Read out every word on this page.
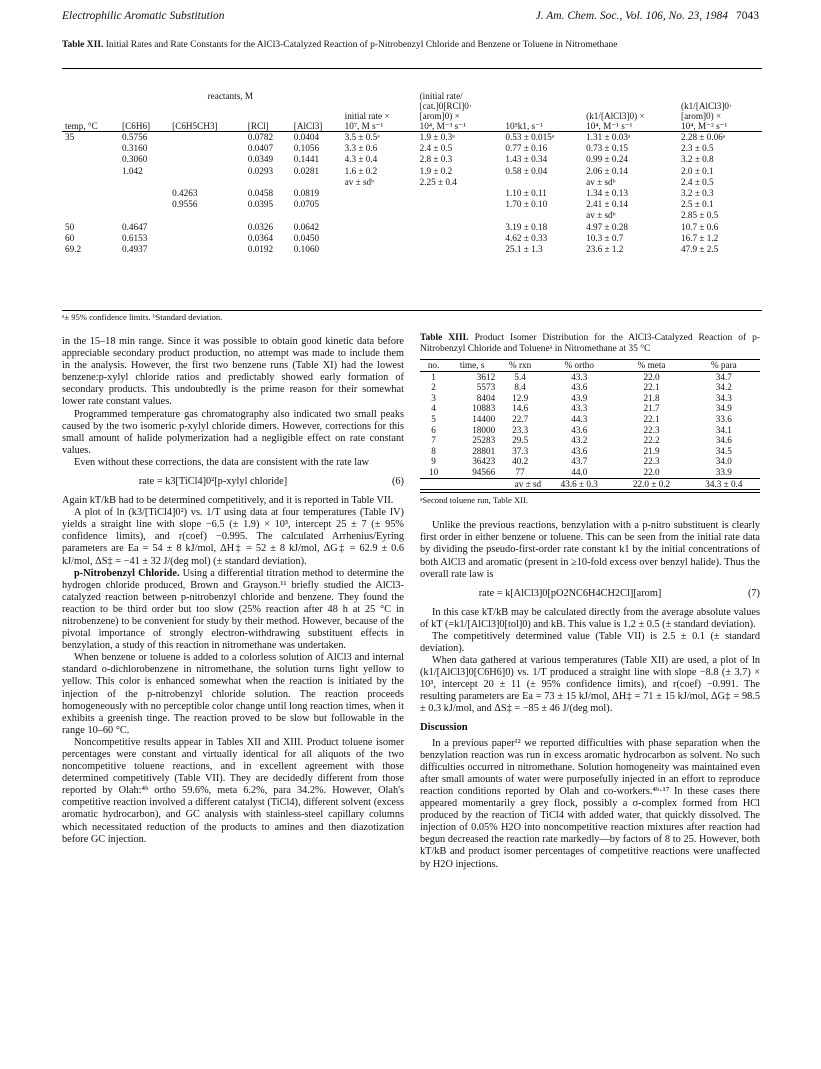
Electrophilic Aromatic Substitution	J. Am. Chem. Soc., Vol. 106, No. 23, 1984 7043
Table XII. Initial Rates and Rate Constants for the AlCl3-Catalyzed Reaction of p-Nitrobenzyl Chloride and Benzene or Toluene in Nitromethane
	reactants, M					(initial rate/			
						[cat.]0[RCl]0·			(k1/[AlCl3]0·
					initial rate ×	[arom]0) ×		(k1/[AlCl3]0) ×	[arom]0) ×
temp, °C	[C6H6]	[C6H5CH3]	[RCl]	[AlCl3]	10⁷, M s⁻¹	10⁴, M⁻³ s⁻¹	10⁵k1, s⁻¹	10⁴, M⁻¹ s⁻¹	10⁴, M⁻² s⁻¹
35	0.5756		0.0782	0.0404	3.5 ± 0.5ᵃ	1.9 ± 0.3ᵃ	0.53 ± 0.015ᵃ	1.31 ± 0.03ᵃ	2.28 ± 0.06ᵃ
	0.3160		0.0407	0.1056	3.3 ± 0.6	2.4 ± 0.5	0.77 ± 0.16	0.73 ± 0.15	2.3 ± 0.5
	0.3060		0.0349	0.1441	4.3 ± 0.4	2.8 ± 0.3	1.43 ± 0.34	0.99 ± 0.24	3.2 ± 0.8
	1.042		0.0293	0.0281	1.6 ± 0.2	1.9 ± 0.2	0.58 ± 0.04	2.06 ± 0.14	2.0 ± 0.1
					av ± sdᵇ	2.25 ± 0.4		av ± sdᵇ	2.4 ± 0.5

		0.4263	0.0458	0.0819			1.10 ± 0.11	1.34 ± 0.13	3.2 ± 0.3
		0.9556	0.0395	0.0705			1.70 ± 0.10	2.41 ± 0.14	2.5 ± 0.1
								av ± sdᵇ	2.85 ± 0.5

50	0.4647		0.0326	0.0642			3.19 ± 0.18	4.97 ± 0.28	10.7 ± 0.6
60	0.6153		0.0364	0.0450			4.62 ± 0.33	10.3 ± 0.7	16.7 ± 1.2
69.2	0.4937		0.0192	0.1060			25.1 ± 1.3	23.6 ± 1.2	47.9 ± 2.5
ᵃ± 95% confidence limits. ᵇStandard deviation.

in the 15–18 min range. Since it was possible to obtain good kinetic data before appreciable secondary product production, no attempt was made to include them in the analysis. However, the first two benzene runs (Table XI) had the lowest benzene:p-xylyl chloride ratios and predictably showed early formation of secondary products. This undoubtedly is the prime reason for their somewhat lower rate constant values.

Programmed temperature gas chromatography also indicated two small peaks caused by the two isomeric p-xylyl chloride dimers. However, corrections for this small amount of halide polymerization had a negligible effect on rate constant values.

Even without these corrections, the data are consistent with the rate law

rate = k3[TiCl4]0²[p-xylyl chloride]	(6)

Again kT/kB had to be determined competitively, and it is reported in Table VII.

A plot of ln (k3/[TiCl4]0²) vs. 1/T using data at four temperatures (Table IV) yields a straight line with slope −6.5 (± 1.9) × 10³, intercept 25 ± 7 (± 95% confidence limits), and r(coef) −0.995. The calculated Arrhenius/Eyring parameters are Ea = 54 ± 8 kJ/mol, ΔH‡ = 52 ± 8 kJ/mol, ΔG‡ = 62.9 ± 0.6 kJ/mol, ΔS‡ = −41 ± 32 J/(deg mol) (± standard deviation).

p-Nitrobenzyl Chloride. Using a differential titration method to determine the hydrogen chloride produced, Brown and Grayson.¹¹ briefly studied the AlCl3-catalyzed reaction between p-nitrobenzyl chloride and benzene. They found the reaction to be third order but too slow (25% reaction after 48 h at 25 °C in nitrobenzene) to be convenient for study by their method. However, because of the pivotal importance of strongly electron-withdrawing substituent effects in benzylation, a study of this reaction in nitromethane was undertaken.

When benzene or toluene is added to a colorless solution of AlCl3 and internal standard o-dichlorobenzene in nitromethane, the solution turns light yellow to yellow. This color is enhanced somewhat when the reaction is initiated by the injection of the p-nitrobenzyl chloride solution. The reaction proceeds homogeneously with no perceptible color change until long reaction times, when it exhibits a greenish tinge. The reaction proved to be slow but followable in the range 10–60 °C.

Noncompetitive results appear in Tables XII and XIII. Product toluene isomer percentages were constant and virtually identical for all aliquots of the two noncompetitive toluene reactions, and in excellent agreement with those determined competitively (Table VII). They are decidedly different from those reported by Olah:⁴ᵇ ortho 59.6%, meta 6.2%, para 34.2%. However, Olah's competitive reaction involved a different catalyst (TiCl4), different solvent (excess aromatic hydrocarbon), and GC analysis with stainless-steel capillary columns which necessitated reduction of the products to amines and then diazotization before GC injection.

Table XIII. Product Isomer Distribution for the AlCl3-Catalyzed Reaction of p-Nitrobenzyl Chloride and Tolueneᵃ in Nitromethane at 35 °C
no.	time, s	% rxn	% ortho	% meta	% para
1	3612	5.4	43.3	22.0	34.7
2	5573	8.4	43.6	22.1	34.2
3	8404	12.9	43.9	21.8	34.3
4	10883	14.6	43.3	21.7	34.9
5	14400	22.7	44.3	22.1	33.6
6	18000	23.3	43.6	22.3	34.1
7	25283	29.5	43.2	22.2	34.6
8	28801	37.3	43.6	21.9	34.5
9	36423	40.2	43.7	22.3	34.0
10	94566	77	44.0	22.0	33.9
av ± sd			43.6 ± 0.3	22.0 ± 0.2	34.3 ± 0.4
ᵃSecond toluene run, Table XII.

Unlike the previous reactions, benzylation with a p-nitro substituent is clearly first order in either benzene or toluene. This can be seen from the initial rate data by dividing the pseudo-first-order rate constant k1 by the initial concentrations of both AlCl3 and aromatic (present in ≥10-fold excess over benzyl halide). Thus the overall rate law is

rate = k[AlCl3]0[pO2NC6H4CH2Cl][arom]	(7)

In this case kT/kB may be calculated directly from the average absolute values of kT (=k1/[AlCl3]0[tol]0) and kB. This value is 1.2 ± 0.5 (± standard deviation).

The competitively determined value (Table VII) is 2.5 ± 0.1 (± standard deviation).

When data gathered at various temperatures (Table XII) are used, a plot of ln (k1/[AlCl3]0[C6H6]0) vs. 1/T produced a straight line with slope −8.8 (± 3.7) × 10³, intercept 20 ± 11 (± 95% confidence limits), and r(coef) −0.991. The resulting parameters are Ea = 73 ± 15 kJ/mol, ΔH‡ = 71 ± 15 kJ/mol, ΔG‡ = 98.5 ± 0.3 kJ/mol, and ΔS‡ = −85 ± 46 J/(deg mol).

Discussion

In a previous paper¹² we reported difficulties with phase separation when the benzylation reaction was run in excess aromatic hydrocarbon as solvent. No such difficulties occurred in nitromethane. Solution homogeneity was maintained even after small amounts of water were purposefully injected in an effort to reproduce reaction conditions reported by Olah and co-workers.⁴ᵇ·¹⁷ In these cases there appeared momentarily a grey flock, possibly a σ-complex formed from HCl produced by the reaction of TiCl4 with added water, that quickly dissolved. The injection of 0.05% H2O into noncompetitive reaction mixtures after reaction had begun decreased the reaction rate markedly—by factors of 8 to 25. However, both kT/kB and product isomer percentages of competitive reactions were unaffected by H2O injections.
